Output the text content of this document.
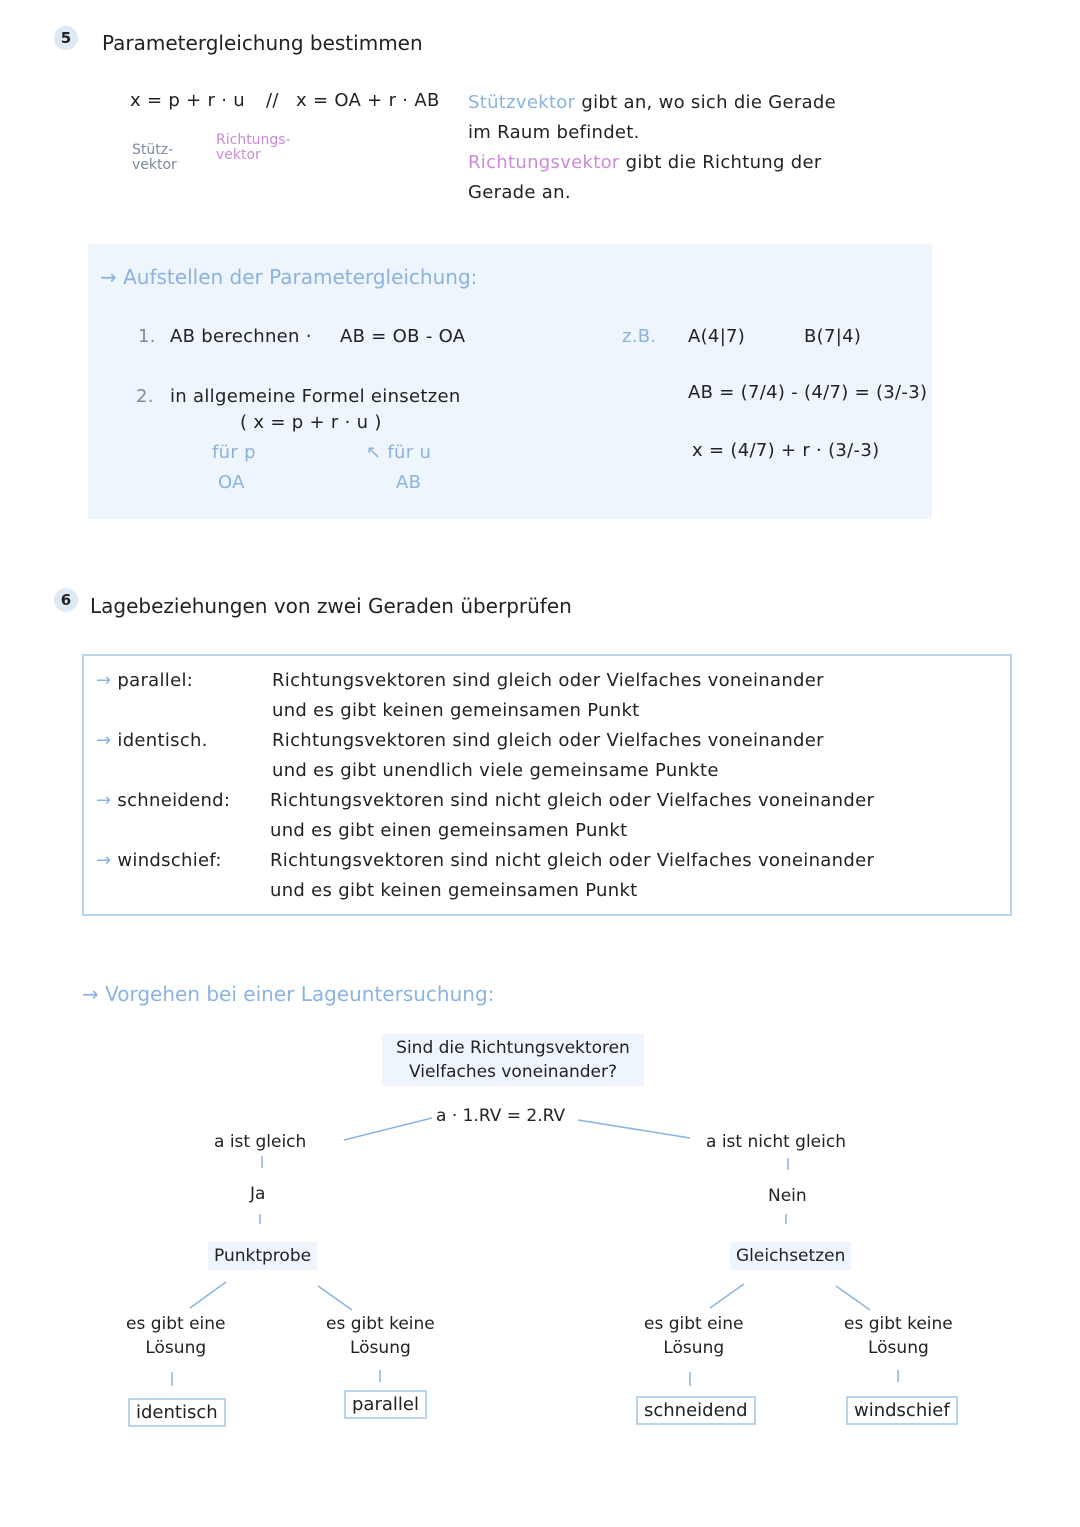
5	Parametergleichung bestimmen
x = p + r · u // x = OA + r · AB
Stütz-
vektor
Richtungs-
vektor
Stützvektor gibt an, wo sich die Gerade
im Raum befindet.
Richtungsvektor gibt die Richtung der
Gerade an.
→ Aufstellen der Parametergleichung:
1. AB berechnen · AB = OB - OA
2. in allgemeine Formel einsetzen
( x = p + r · u )
für p
OA
↖ für u
AB
z.B. A(4|7)	B(7|4)
AB = (7/4) - (4/7) = (3/-3)
x = (4/7) + r · (3/-3)
6 Lagebeziehungen von zwei Geraden überprüfen
→ parallel:	Richtungsvektoren sind gleich oder Vielfaches voneinander
und es gibt keinen gemeinsamen Punkt
→ identisch.	Richtungsvektoren sind gleich oder Vielfaches voneinander
und es gibt unendlich viele gemeinsame Punkte
→ schneidend: Richtungsvektoren sind nicht gleich oder Vielfaches voneinander
und es gibt einen gemeinsamen Punkt
→ windschief:	Richtungsvektoren sind nicht gleich oder Vielfaches voneinander
und es gibt keinen gemeinsamen Punkt
→ Vorgehen bei einer Lageuntersuchung:
Sind die Richtungsvektoren
Vielfaches voneinander?
a · 1.RV = 2.RV
a ist gleich	a ist nicht gleich
Ja	Nein
Punktprobe	Gleichsetzen
es gibt eine
Lösung
es gibt keine
Lösung
es gibt eine
Lösung
es gibt keine
Lösung
identisch	parallel	schneidend	windschief
